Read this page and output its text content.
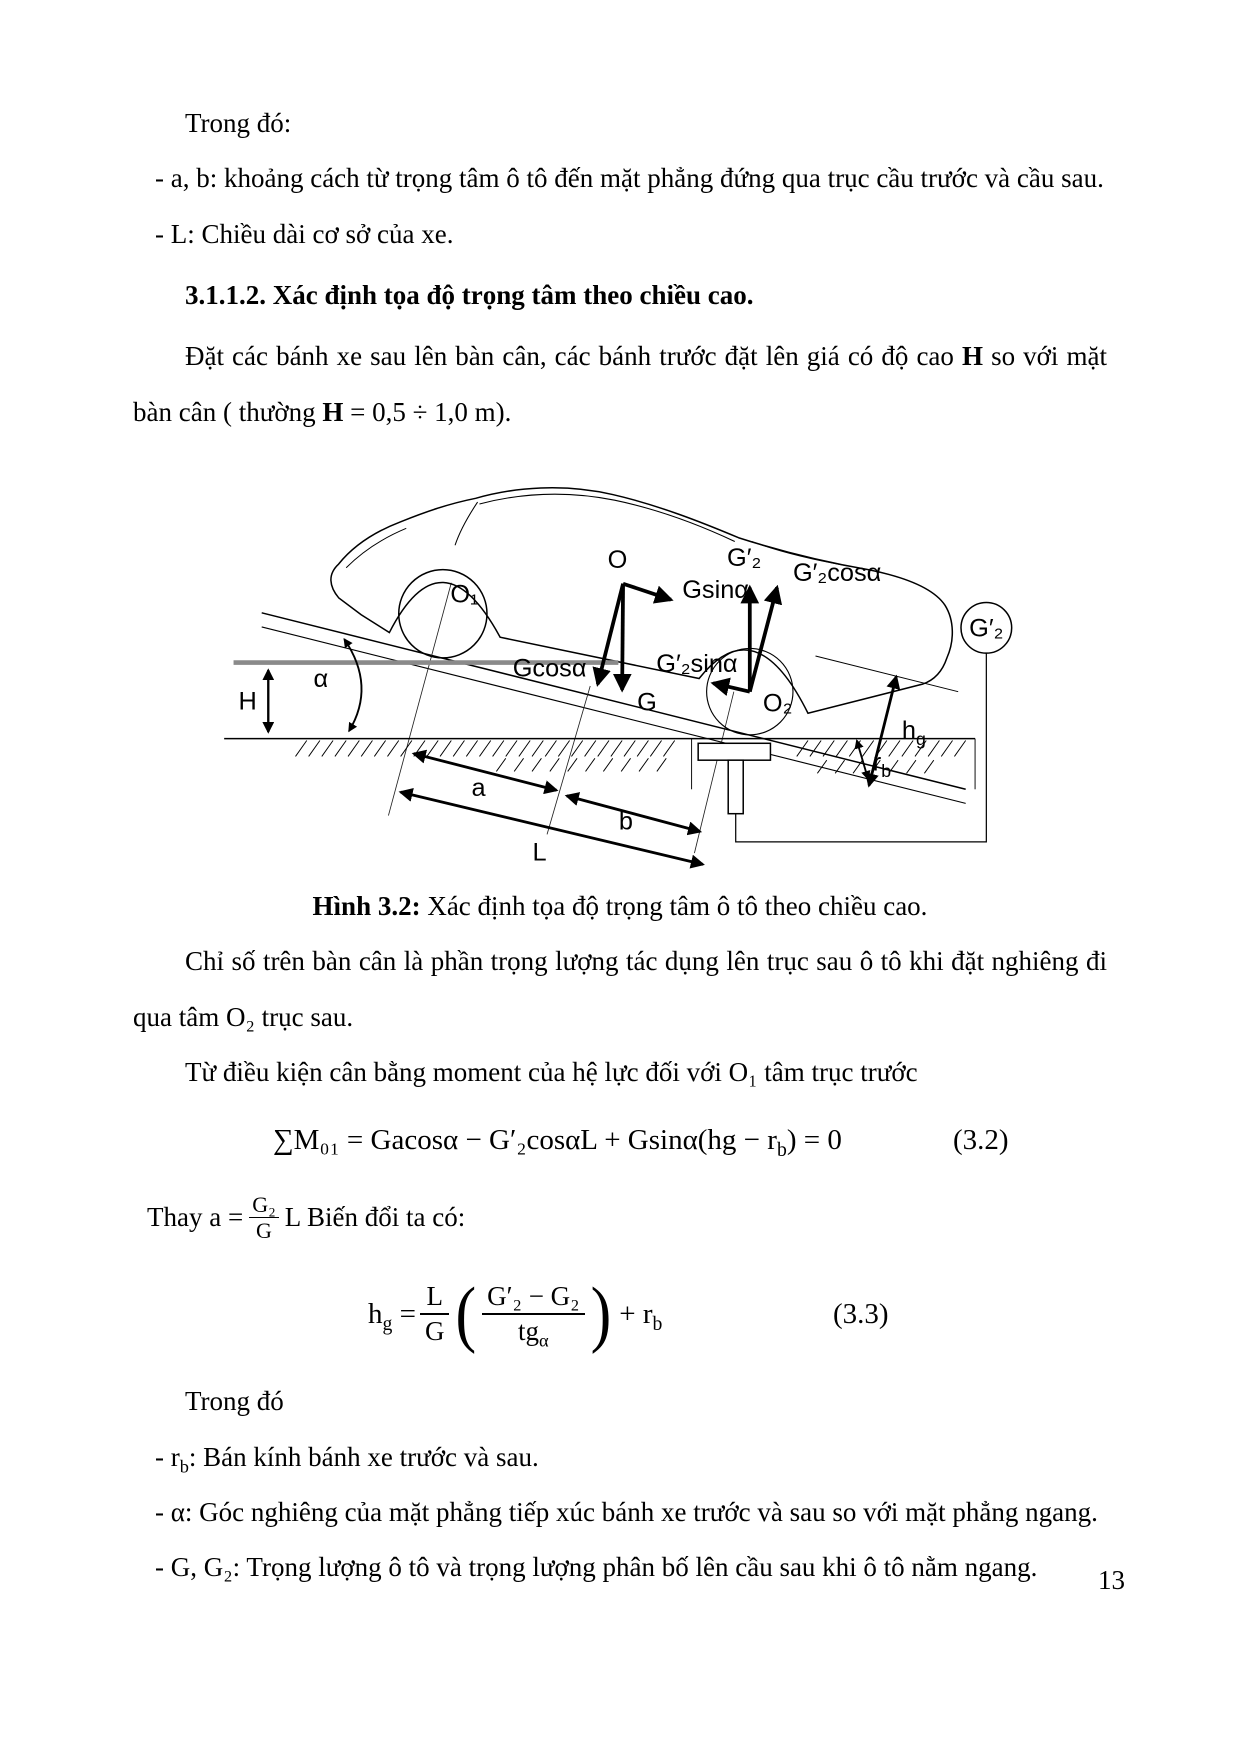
Trong đó:

- a, b: khoảng cách từ trọng tâm ô tô đến mặt phẳng đứng qua trục cầu trước và cầu sau.

- L: Chiều dài cơ sở của xe.

3.1.1.2. Xác định tọa độ trọng tâm theo chiều cao.

Đặt các bánh xe sau lên bàn cân, các bánh trước đặt lên giá có độ cao H so với mặt bàn cân ( thường H = 0,5 ÷ 1,0 m).

G′₂
O₁
O
Gsinα
G
Gcosα
G′₂
G′₂cosα
G′₂sinα
O₂
H
α
a
b
L
$h_g$
$r_b$

Hình 3.2: Xác định tọa độ trọng tâm ô tô theo chiều cao.

Chỉ số trên bàn cân là phần trọng lượng tác dụng lên trục sau ô tô khi đặt nghiêng đi qua tâm O₂ trục sau.

Từ điều kiện cân bằng moment của hệ lực đối với O₁ tâm trục trước

$\sum M_{01} = Gacos\alpha - G'_2\cos\alpha L + Gsin\alpha(hg - r_b) = 0$	(3.2)
Thay $a = \frac{\text{G₂}}{G}$ L Biến đổi ta có:
$h_g = \frac{L}{G}$ ( $\frac{\text{G′₂ − G₂}}{tg_\alpha}$ ) + $r_b$	(3.3)

Trong đó

- $r_b$: Bán kính bánh xe trước và sau.

- α: Góc nghiêng của mặt phẳng tiếp xúc bánh xe trước và sau so với mặt phẳng ngang.

- G, G₂: Trọng lượng ô tô và trọng lượng phân bố lên cầu sau khi ô tô nằm ngang.	13
